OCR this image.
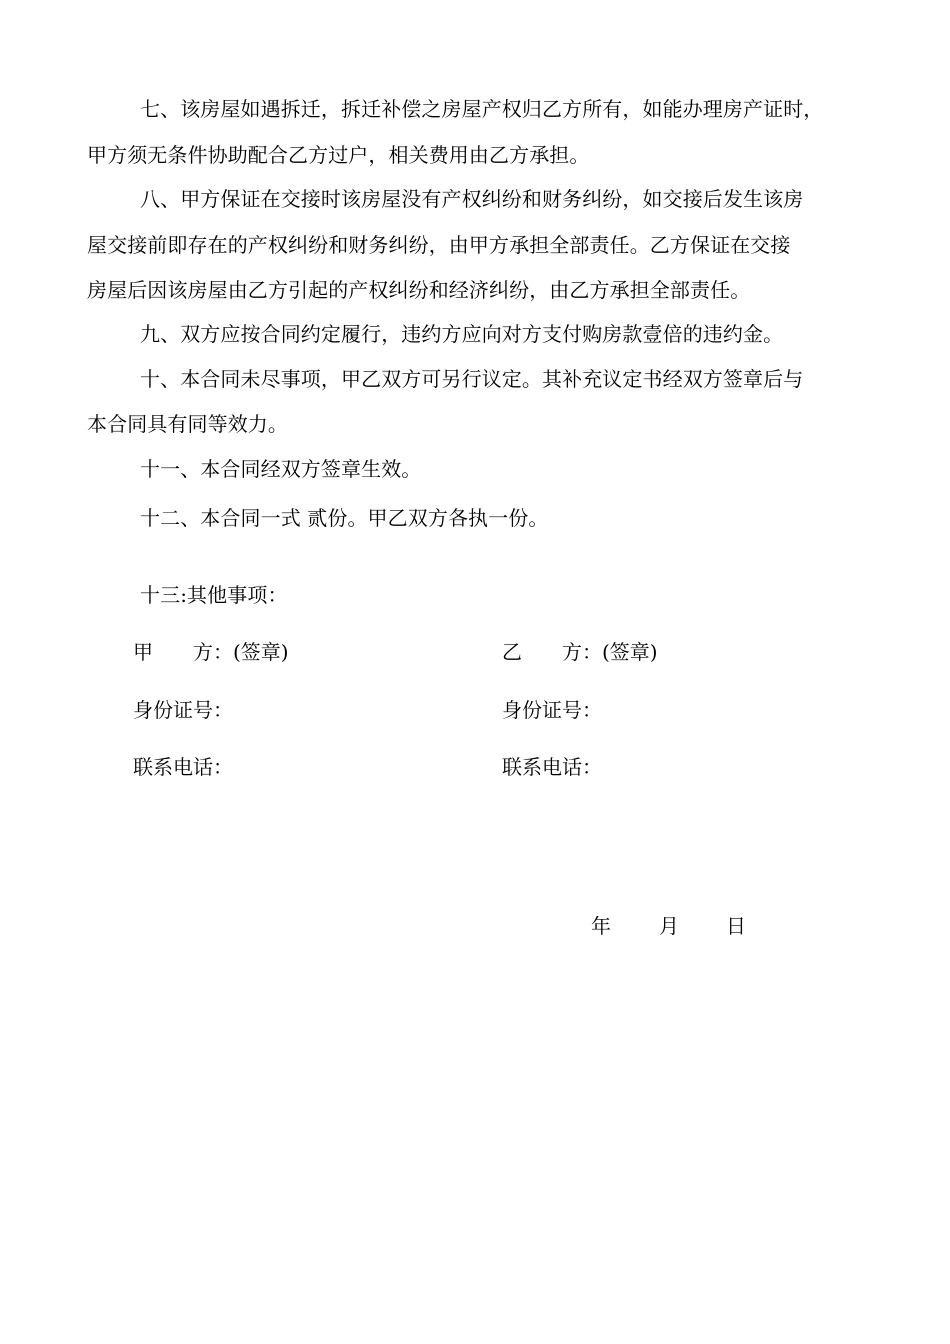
七、该房屋如遇拆迁，拆迁补偿之房屋产权归乙方所有，如能办理房产证时，
甲方须无条件协助配合乙方过户，相关费用由乙方承担。
八、甲方保证在交接时该房屋没有产权纠纷和财务纠纷，如交接后发生该房
屋交接前即存在的产权纠纷和财务纠纷，由甲方承担全部责任。乙方保证在交接
房屋后因该房屋由乙方引起的产权纠纷和经济纠纷，由乙方承担全部责任。
九、双方应按合同约定履行，违约方应向对方支付购房款壹倍的违约金。
十、本合同未尽事项，甲乙双方可另行议定。其补充议定书经双方签章后与
本合同具有同等效力。
十一、本合同经双方签章生效。
十二、本合同一式 贰份。甲乙双方各执一份。
十三:其他事项：
甲　　方：(签章)	乙　　方：(签章)
身份证号：	身份证号：
联系电话：	联系电话：
年 月 日
